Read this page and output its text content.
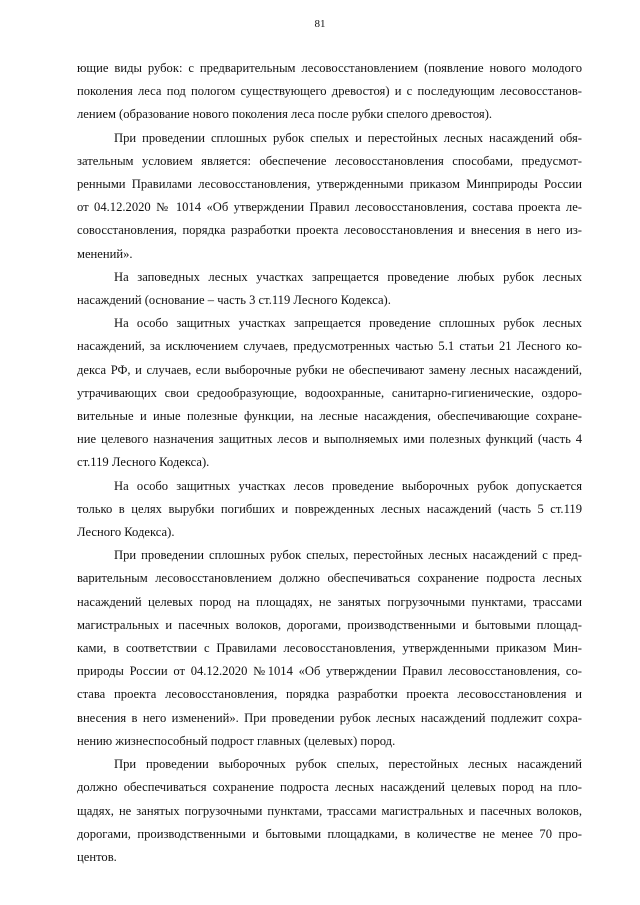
81
ющие виды рубок: с предварительным лесовосстановлением (появление нового молодого
поколения леса под пологом существующего древостоя) и с последующим лесовосстанов-
лением (образование нового поколения леса после рубки спелого древостоя).
При проведении сплошных рубок спелых и перестойных лесных насаждений обя-
зательным условием является: обеспечение лесовосстановления способами, предусмот-
ренными Правилами лесовосстановления, утвержденными приказом Минприроды России
от 04.12.2020 № 1014 «Об утверждении Правил лесовосстановления, состава проекта ле-
совосстановления, порядка разработки проекта лесовосстановления и внесения в него из-
менений».
На заповедных лесных участках запрещается проведение любых рубок лесных
насаждений (основание – часть 3 ст.119 Лесного Кодекса).
На особо защитных участках запрещается проведение сплошных рубок лесных
насаждений, за исключением случаев, предусмотренных частью 5.1 статьи 21 Лесного ко-
декса РФ, и случаев, если выборочные рубки не обеспечивают замену лесных насаждений,
утрачивающих свои средообразующие, водоохранные, санитарно-гигиенические, оздоро-
вительные и иные полезные функции, на лесные насаждения, обеспечивающие сохране-
ние целевого назначения защитных лесов и выполняемых ими полезных функций (часть 4
ст.119 Лесного Кодекса).
На особо защитных участках лесов проведение выборочных рубок допускается
только в целях вырубки погибших и поврежденных лесных насаждений (часть 5 ст.119
Лесного Кодекса).
При проведении сплошных рубок спелых, перестойных лесных насаждений с пред-
варительным лесовосстановлением должно обеспечиваться сохранение подроста лесных
насаждений целевых пород на площадях, не занятых погрузочными пунктами, трассами
магистральных и пасечных волоков, дорогами, производственными и бытовыми площад-
ками, в соответствии с Правилами лесовосстановления, утвержденными приказом Мин-
природы России от 04.12.2020 №1014 «Об утверждении Правил лесовосстановления, со-
става проекта лесовосстановления, порядка разработки проекта лесовосстановления и
внесения в него изменений». При проведении рубок лесных насаждений подлежит сохра-
нению жизнеспособный подрост главных (целевых) пород.
При проведении выборочных рубок спелых, перестойных лесных насаждений
должно обеспечиваться сохранение подроста лесных насаждений целевых пород на пло-
щадях, не занятых погрузочными пунктами, трассами магистральных и пасечных волоков,
дорогами, производственными и бытовыми площадками, в количестве не менее 70 про-
центов.
